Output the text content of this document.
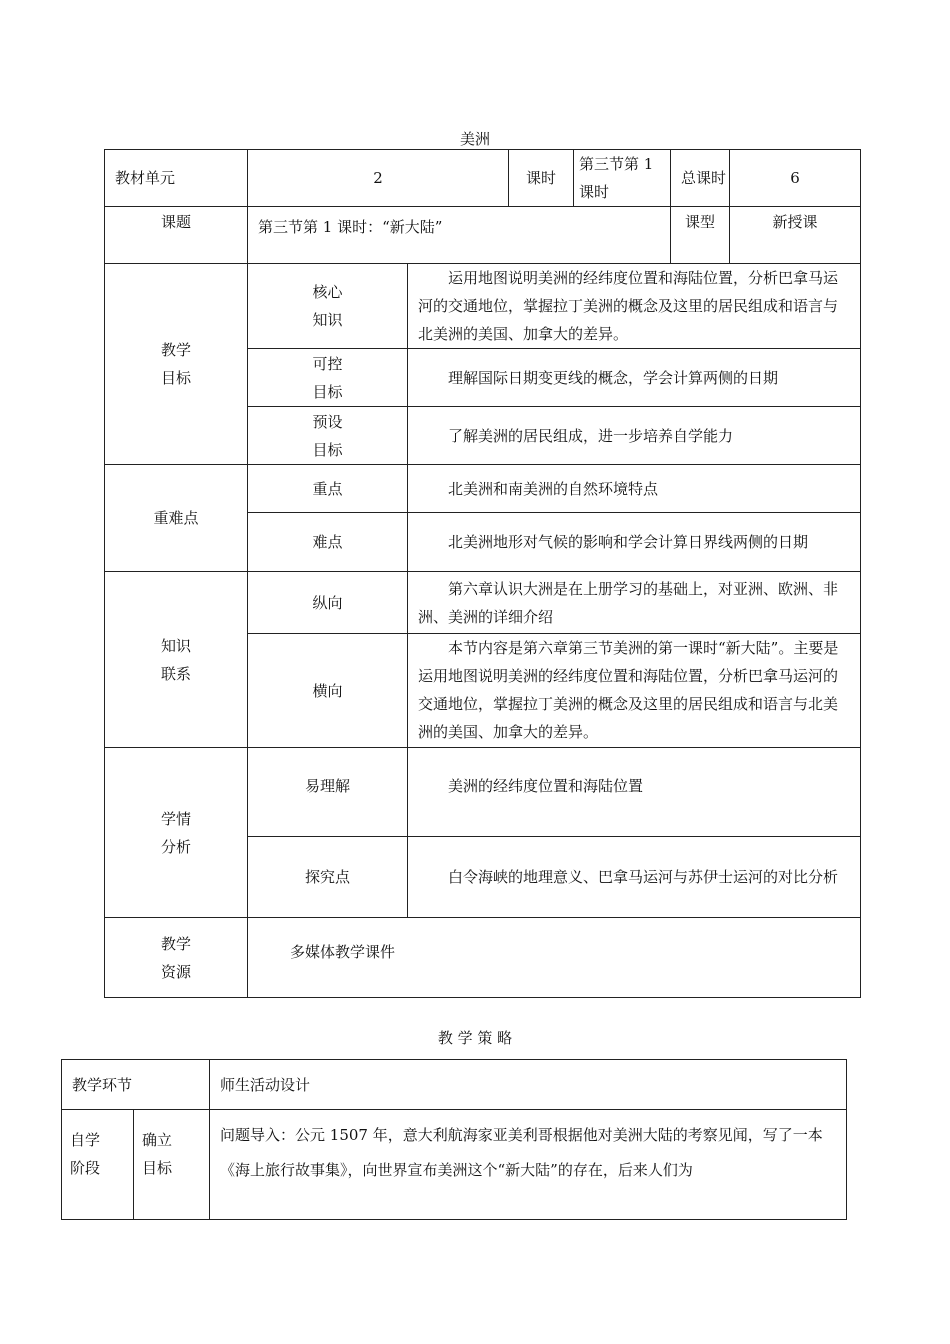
美洲
教材单元	2		课时	第三节第 1 课时	总课时	6
课题	第三节第 1 课时：“新大陆”				课型	新授课
教学目标	核心知识	运用地图说明美洲的经纬度位置和海陆位置，分析巴拿马运河的交通地位，掌握拉丁美洲的概念及这里的居民组成和语言与北美洲的美国、加拿大的差异。				
	可控目标	理解国际日期变更线的概念，学会计算两侧的日期				
	预设目标	了解美洲的居民组成，进一步培养自学能力				
重难点	重点	北美洲和南美洲的自然环境特点				
	难点	北美洲地形对气候的影响和学会计算日界线两侧的日期				
知识联系	纵向	第六章认识大洲是在上册学习的基础上，对亚洲、欧洲、非洲、美洲的详细介绍				
	横向	本节内容是第六章第三节美洲的第一课时“新大陆”。主要是运用地图说明美洲的经纬度位置和海陆位置，分析巴拿马运河的交通地位，掌握拉丁美洲的概念及这里的居民组成和语言与北美洲的美国、加拿大的差异。				
学情分析	易理解	美洲的经纬度位置和海陆位置				
	探究点	白令海峡的地理意义、巴拿马运河与苏伊士运河的对比分析				
教学资源	多媒体教学课件					
教 学 策 略
教学环节		师生活动设计
自学阶段	确立目标	问题导入：公元 1507 年，意大利航海家亚美利哥根据他对美洲大陆的考察见闻，写了一本《海上旅行故事集》，向世界宣布美洲这个“新大陆”的存在，后来人们为
